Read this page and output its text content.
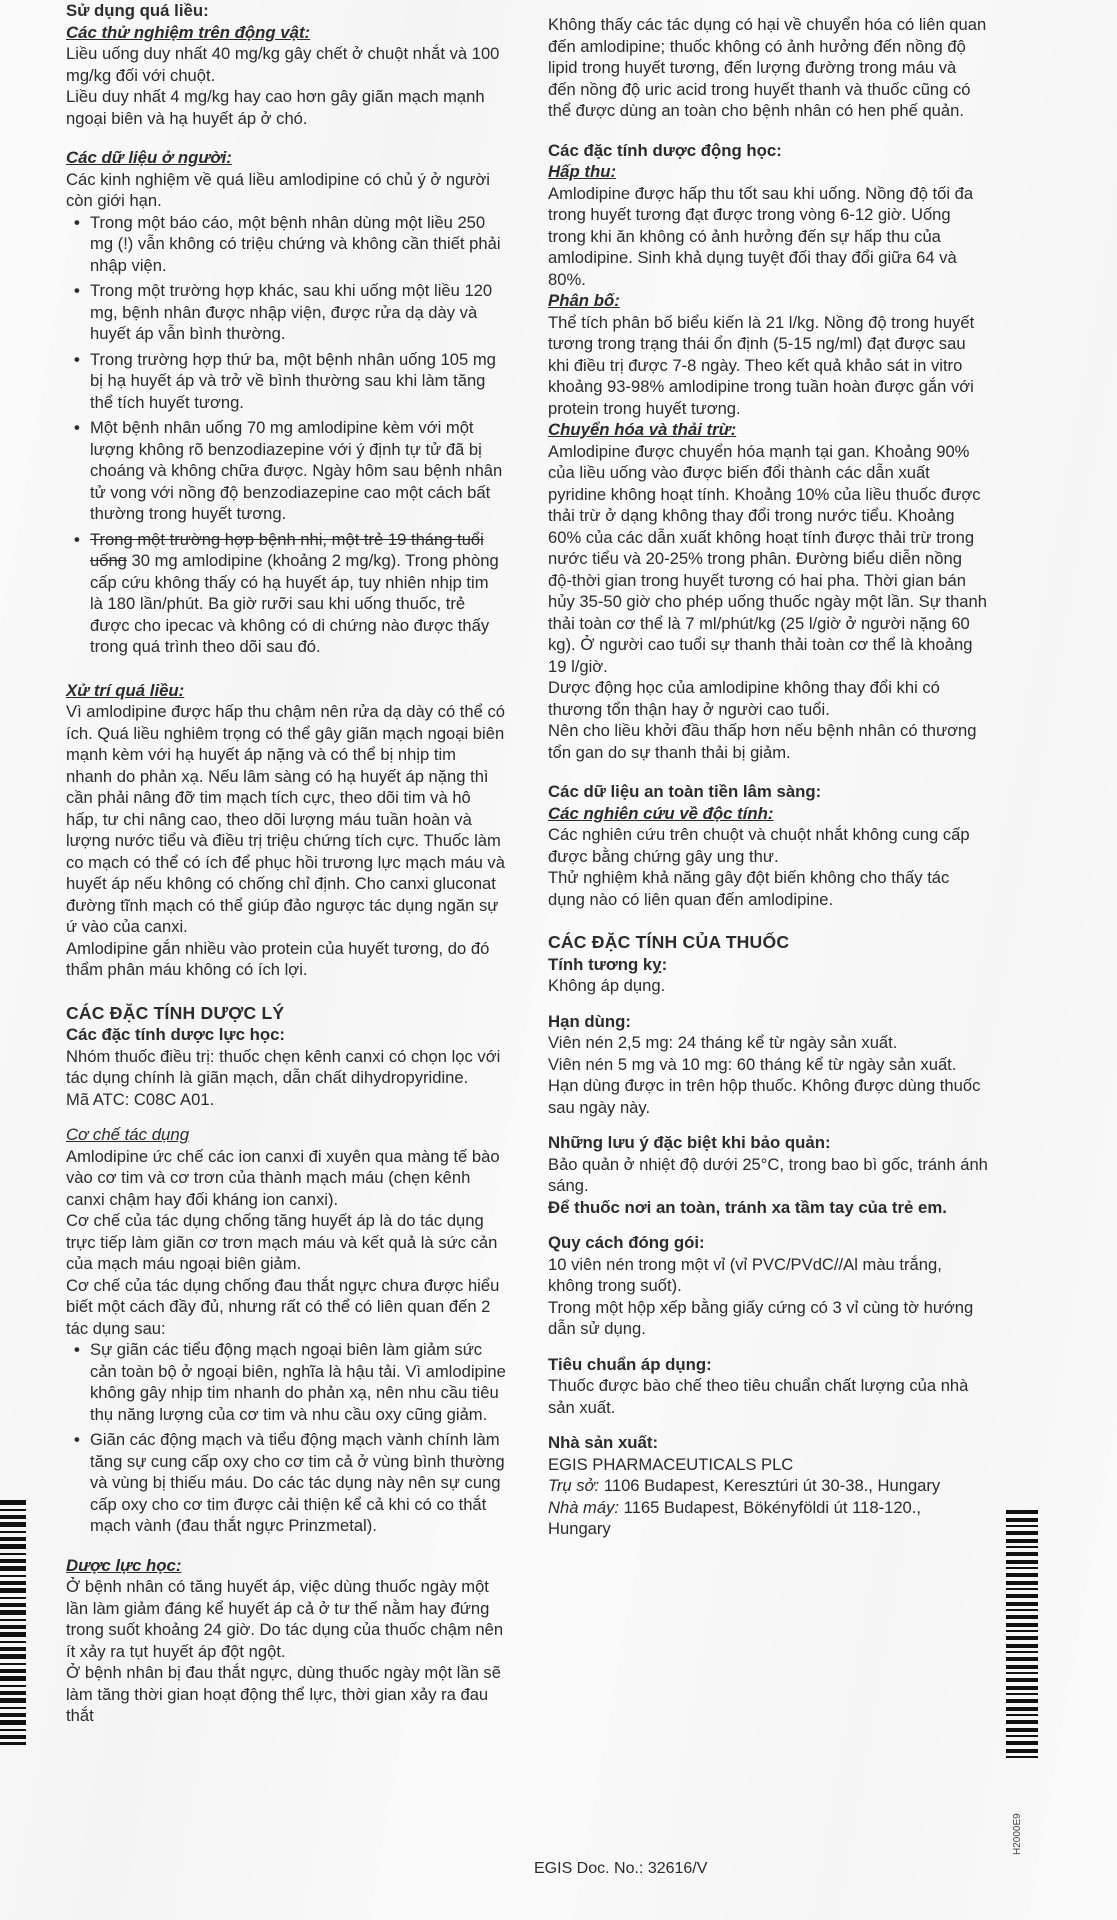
Sử dụng quá liều:

Các thử nghiệm trên động vật:

Liều uống duy nhất 40 mg/kg gây chết ở chuột nhắt và 100 mg/kg đối với chuột.

Liều duy nhất 4 mg/kg hay cao hơn gây giãn mạch mạnh ngoại biên và hạ huyết áp ở chó.

Các dữ liệu ở người:

Các kinh nghiệm về quá liều amlodipine có chủ ý ở người còn giới hạn.

• Trong một báo cáo, một bệnh nhân dùng một liều 250 mg (!) vẫn không có triệu chứng và không cần thiết phải nhập viện.
• Trong một trường hợp khác, sau khi uống một liều 120 mg, bệnh nhân được nhập viện, được rửa dạ dày và huyết áp vẫn bình thường.
• Trong trường hợp thứ ba, một bệnh nhân uống 105 mg bị hạ huyết áp và trở về bình thường sau khi làm tăng thể tích huyết tương.
• Một bệnh nhân uống 70 mg amlodipine kèm với một lượng không rõ benzodiazepine với ý định tự tử đã bị choáng và không chữa được. Ngày hôm sau bệnh nhân tử vong với nồng độ benzodiazepine cao một cách bất thường trong huyết tương.
• Trong một trường hợp bệnh nhi, một trẻ 19 tháng tuổi uống 30 mg amlodipine (khoảng 2 mg/kg). Trong phòng cấp cứu không thấy có hạ huyết áp, tuy nhiên nhịp tim là 180 lần/phút. Ba giờ rưỡi sau khi uống thuốc, trẻ được cho ipecac và không có di chứng nào được thấy trong quá trình theo dõi sau đó.

Xử trí quá liều:

Vì amlodipine được hấp thu chậm nên rửa dạ dày có thể có ích. Quá liều nghiêm trọng có thể gây giãn mạch ngoại biên mạnh kèm với hạ huyết áp nặng và có thể bị nhịp tim nhanh do phản xạ. Nếu lâm sàng có hạ huyết áp nặng thì cần phải nâng đỡ tim mạch tích cực, theo dõi tim và hô hấp, tư chi nâng cao, theo dõi lượng máu tuần hoàn và lượng nước tiểu và điều trị triệu chứng tích cực. Thuốc làm co mạch có thể có ích để phục hồi trương lực mạch máu và huyết áp nếu không có chống chỉ định. Cho canxi gluconat đường tĩnh mạch có thể giúp đảo ngược tác dụng ngăn sự ứ vào của canxi.

Amlodipine gắn nhiều vào protein của huyết tương, do đó thẩm phân máu không có ích lợi.

CÁC ĐẶC TÍNH DƯỢC LÝ

Các đặc tính dược lực học:

Nhóm thuốc điều trị: thuốc chẹn kênh canxi có chọn lọc với tác dụng chính là giãn mạch, dẫn chất dihydropyridine.

Mã ATC: C08C A01.

Cơ chế tác dụng

Amlodipine ức chế các ion canxi đi xuyên qua màng tế bào vào cơ tim và cơ trơn của thành mạch máu (chẹn kênh canxi chậm hay đối kháng ion canxi).

Cơ chế của tác dụng chống tăng huyết áp là do tác dụng trực tiếp làm giãn cơ trơn mạch máu và kết quả là sức cản của mạch máu ngoại biên giảm.

Cơ chế của tác dụng chống đau thắt ngực chưa được hiểu biết một cách đầy đủ, nhưng rất có thể có liên quan đến 2 tác dụng sau:

• Sự giãn các tiểu động mạch ngoại biên làm giảm sức cản toàn bộ ở ngoại biên, nghĩa là hậu tải. Vì amlodipine không gây nhịp tim nhanh do phản xạ, nên nhu cầu tiêu thụ năng lượng của cơ tim và nhu cầu oxy cũng giảm.
• Giãn các động mạch và tiểu động mạch vành chính làm tăng sự cung cấp oxy cho cơ tim cả ở vùng bình thường và vùng bị thiếu máu. Do các tác dụng này nên sự cung cấp oxy cho cơ tim được cải thiện kể cả khi có co thắt mạch vành (đau thắt ngực Prinzmetal).

Dược lực học:

Ở bệnh nhân có tăng huyết áp, việc dùng thuốc ngày một lần làm giảm đáng kể huyết áp cả ở tư thế nằm hay đứng trong suốt khoảng 24 giờ. Do tác dụng của thuốc chậm nên ít xảy ra tụt huyết áp đột ngột.

Ở bệnh nhân bị đau thắt ngực, dùng thuốc ngày một lần sẽ làm tăng thời gian hoạt động thể lực, thời gian xảy ra đau thắt

Không thấy các tác dụng có hại về chuyển hóa có liên quan đến amlodipine; thuốc không có ảnh hưởng đến nồng độ lipid trong huyết tương, đến lượng đường trong máu và đến nồng độ uric acid trong huyết thanh và thuốc cũng có thể được dùng an toàn cho bệnh nhân có hen phế quản.

Các đặc tính dược động học:

Hấp thu:

Amlodipine được hấp thu tốt sau khi uống. Nồng độ tối đa trong huyết tương đạt được trong vòng 6-12 giờ. Uống trong khi ăn không có ảnh hưởng đến sự hấp thu của amlodipine. Sinh khả dụng tuyệt đối thay đổi giữa 64 và 80%.

Phân bố:

Thể tích phân bố biểu kiến là 21 l/kg. Nồng độ trong huyết tương trong trạng thái ổn định (5-15 ng/ml) đạt được sau khi điều trị được 7-8 ngày. Theo kết quả khảo sát in vitro khoảng 93-98% amlodipine trong tuần hoàn được gắn với protein trong huyết tương.

Chuyển hóa và thải trừ:

Amlodipine được chuyển hóa mạnh tại gan. Khoảng 90% của liều uống vào được biến đổi thành các dẫn xuất pyridine không hoạt tính. Khoảng 10% của liều thuốc được thải trừ ở dạng không thay đổi trong nước tiểu. Khoảng 60% của các dẫn xuất không hoạt tính được thải trừ trong nước tiểu và 20-25% trong phân. Đường biểu diễn nồng độ-thời gian trong huyết tương có hai pha. Thời gian bán hủy 35-50 giờ cho phép uống thuốc ngày một lần. Sự thanh thải toàn cơ thể là 7 ml/phút/kg (25 l/giờ ở người nặng 60 kg). Ở người cao tuổi sự thanh thải toàn cơ thể là khoảng 19 l/giờ.

Dược động học của amlodipine không thay đổi khi có thương tổn thận hay ở người cao tuổi.

Nên cho liều khởi đầu thấp hơn nếu bệnh nhân có thương tổn gan do sự thanh thải bị giảm.

Các dữ liệu an toàn tiền lâm sàng:

Các nghiên cứu về độc tính:

Các nghiên cứu trên chuột và chuột nhắt không cung cấp được bằng chứng gây ung thư.

Thử nghiệm khả năng gây đột biến không cho thấy tác dụng nào có liên quan đến amlodipine.

CÁC ĐẶC TÍNH CỦA THUỐC

Tính tương kỵ:

Không áp dụng.

Hạn dùng:

Viên nén 2,5 mg: 24 tháng kể từ ngày sản xuất.

Viên nén 5 mg và 10 mg: 60 tháng kể từ ngày sản xuất.

Hạn dùng được in trên hộp thuốc. Không được dùng thuốc sau ngày này.

Những lưu ý đặc biệt khi bảo quản:

Bảo quản ở nhiệt độ dưới 25°C, trong bao bì gốc, tránh ánh sáng.

Để thuốc nơi an toàn, tránh xa tầm tay của trẻ em.

Quy cách đóng gói:

10 viên nén trong một vỉ (vỉ PVC/PVdC//Al màu trắng, không trong suốt).

Trong một hộp xếp bằng giấy cứng có 3 vỉ cùng tờ hướng dẫn sử dụng.

Tiêu chuẩn áp dụng:

Thuốc được bào chế theo tiêu chuẩn chất lượng của nhà sản xuất.

Nhà sản xuất:

EGIS PHARMACEUTICALS PLC

Trụ sở: 1106 Budapest, Keresztúri út 30-38., Hungary

Nhà máy: 1165 Budapest, Bökényföldi út 118-120., Hungary

EGIS Doc. No.: 32616/V
H2000E9
